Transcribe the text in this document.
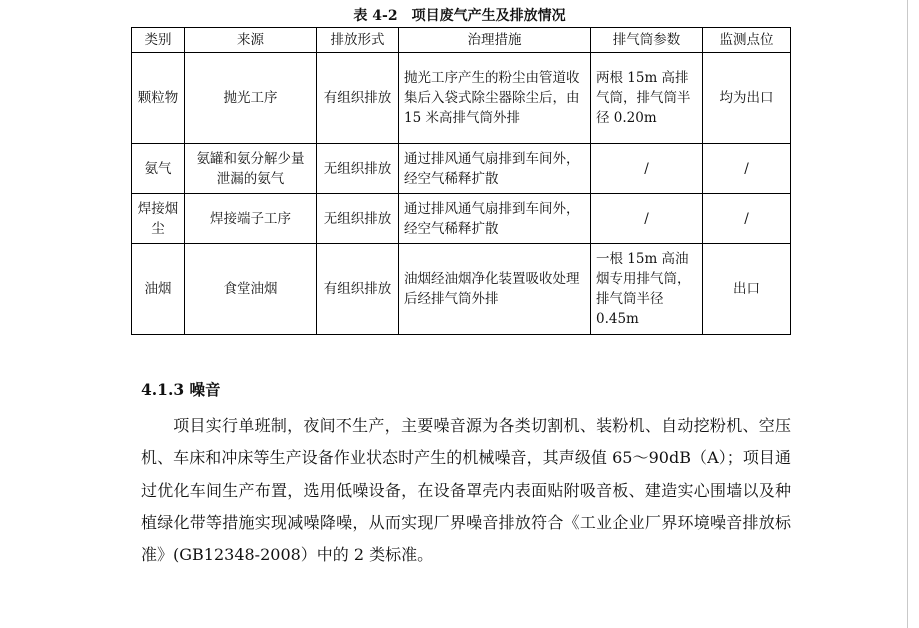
表 4-2　项目废气产生及排放情况
类别	来源	排放形式	治理措施	排气筒参数	监测点位
颗粒物	抛光工序	有组织排放	抛光工序产生的粉尘由管道收集后入袋式除尘器除尘后，由 15 米高排气筒外排	两根 15m 高排气筒，排气筒半径 0.20m	均为出口
氨气	氨罐和氨分解少量泄漏的氨气	无组织排放	通过排风通气扇排到车间外，经空气稀释扩散	/	/
焊接烟尘	焊接端子工序	无组织排放	通过排风通气扇排到车间外，经空气稀释扩散	/	/
油烟	食堂油烟	有组织排放	油烟经油烟净化装置吸收处理后经排气筒外排	一根 15m 高油烟专用排气筒，排气筒半径 0.45m	出口
4.1.3 噪音
项目实行单班制，夜间不生产，主要噪音源为各类切割机、装粉机、自动挖粉机、空压机、车床和冲床等生产设备作业状态时产生的机械噪音，其声级值 65～90dB（A）；项目通过优化车间生产布置，选用低噪设备，在设备罩壳内表面贴附吸音板、建造实心围墙以及种植绿化带等措施实现减噪降噪，从而实现厂界噪音排放符合《工业企业厂界环境噪音排放标准》(GB12348-2008）中的 2 类标准。
